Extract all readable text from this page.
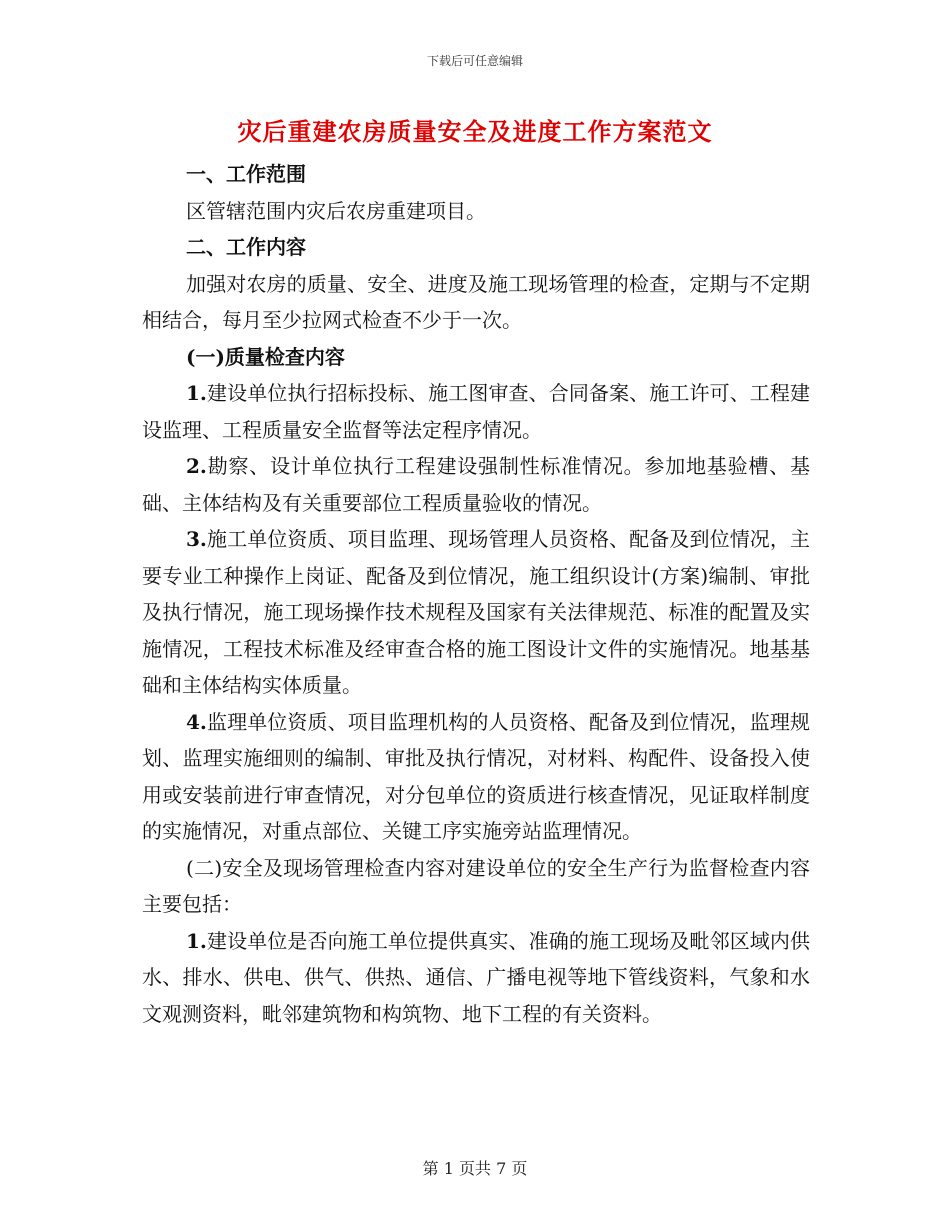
下载后可任意编辑
灾后重建农房质量安全及进度工作方案范文

一、工作范围

区管辖范围内灾后农房重建项目。

二、工作内容

加强对农房的质量、安全、进度及施工现场管理的检查，定期与不定期相结合，每月至少拉网式检查不少于一次。

(一)质量检查内容

1.建设单位执行招标投标、施工图审查、合同备案、施工许可、工程建设监理、工程质量安全监督等法定程序情况。

2.勘察、设计单位执行工程建设强制性标准情况。参加地基验槽、基础、主体结构及有关重要部位工程质量验收的情况。

3.施工单位资质、项目监理、现场管理人员资格、配备及到位情况，主要专业工种操作上岗证、配备及到位情况，施工组织设计(方案)编制、审批及执行情况，施工现场操作技术规程及国家有关法律规范、标准的配置及实施情况，工程技术标准及经审查合格的施工图设计文件的实施情况。地基基础和主体结构实体质量。

4.监理单位资质、项目监理机构的人员资格、配备及到位情况，监理规划、监理实施细则的编制、审批及执行情况，对材料、构配件、设备投入使用或安装前进行审查情况，对分包单位的资质进行核查情况，见证取样制度的实施情况，对重点部位、关键工序实施旁站监理情况。

(二)安全及现场管理检查内容对建设单位的安全生产行为监督检查内容主要包括：

1.建设单位是否向施工单位提供真实、准确的施工现场及毗邻区域内供水、排水、供电、供气、供热、通信、广播电视等地下管线资料，气象和水文观测资料，毗邻建筑物和构筑物、地下工程的有关资料。

第 1 页共 7 页
